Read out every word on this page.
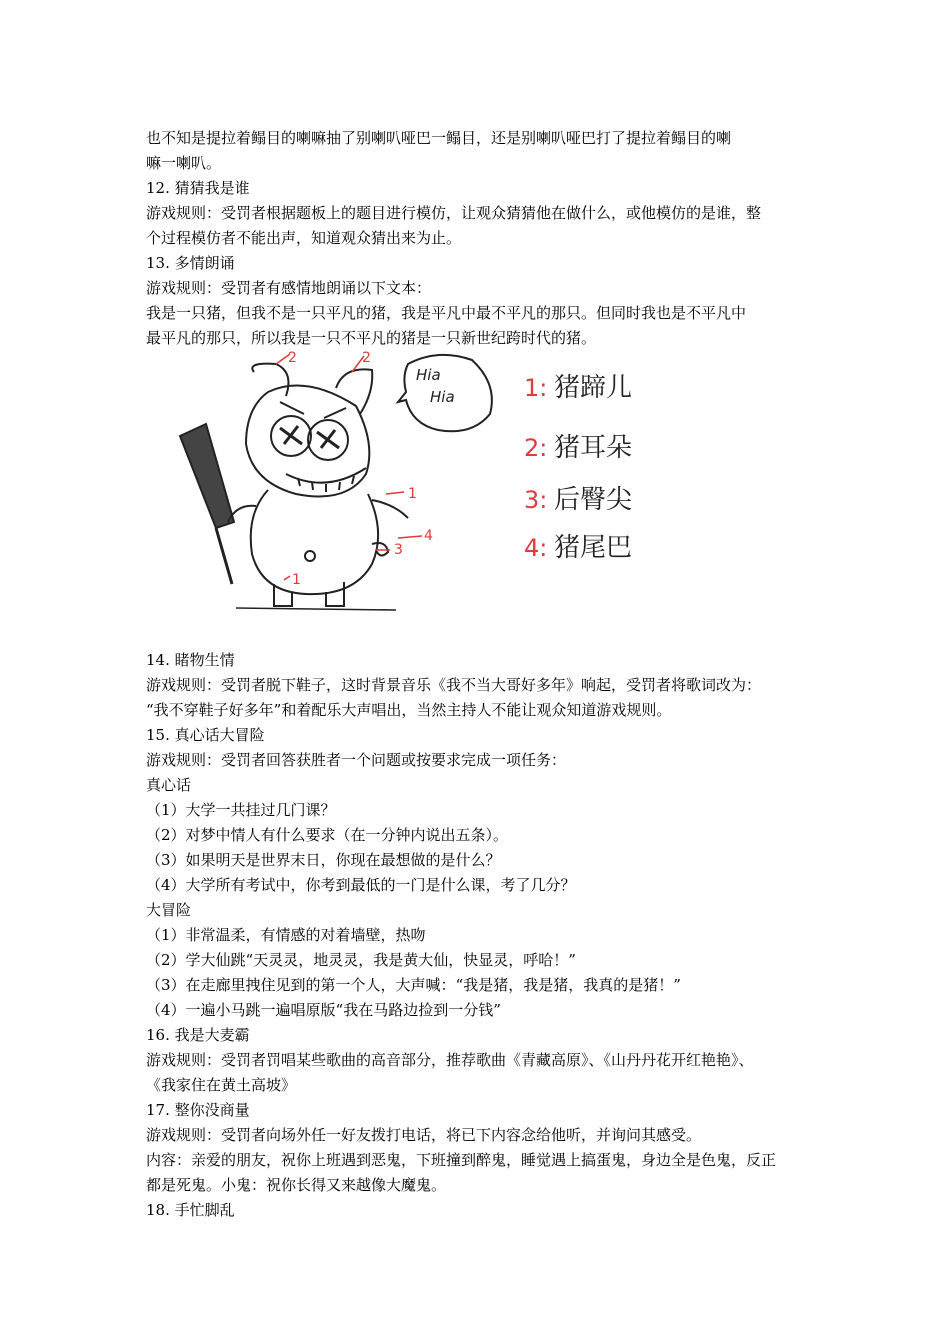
也不知是提拉着鳎目的喇嘛抽了别喇叭哑巴一鳎目，还是别喇叭哑巴打了提拉着鳎目的喇
嘛一喇叭。
12. 猜猜我是谁
游戏规则：受罚者根据题板上的题目进行模仿，让观众猜猜他在做什么，或他模仿的是谁，整
个过程模仿者不能出声，知道观众猜出来为止。
13. 多情朗诵
游戏规则：受罚者有感情地朗诵以下文本：
我是一只猪，但我不是一只平凡的猪，我是平凡中最不平凡的那只。但同时我也是不平凡中
最平凡的那只，所以我是一只不平凡的猪是一只新世纪跨时代的猪。
14. 睹物生情
游戏规则：受罚者脱下鞋子，这时背景音乐《我不当大哥好多年》响起，受罚者将歌词改为：
“我不穿鞋子好多年”和着配乐大声唱出，当然主持人不能让观众知道游戏规则。
15. 真心话大冒险
游戏规则：受罚者回答获胜者一个问题或按要求完成一项任务：
真心话
（1）大学一共挂过几门课？
（2）对梦中情人有什么要求（在一分钟内说出五条）。
（3）如果明天是世界末日，你现在最想做的是什么？
（4）大学所有考试中，你考到最低的一门是什么课，考了几分？
大冒险
（1）非常温柔，有情感的对着墙壁，热吻
（2）学大仙跳“天灵灵，地灵灵，我是黄大仙，快显灵，呼哈！”
（3）在走廊里拽住见到的第一个人，大声喊：“我是猪，我是猪，我真的是猪！”
（4）一遍小马跳一遍唱原版“我在马路边捡到一分钱”
16. 我是大麦霸
游戏规则：受罚者罚唱某些歌曲的高音部分，推荐歌曲《青藏高原》、《山丹丹花开红艳艳》、
《我家住在黄土高坡》
17. 整你没商量
游戏规则：受罚者向场外任一好友拨打电话，将已下内容念给他听，并询问其感受。
内容：亲爱的朋友，祝你上班遇到恶鬼，下班撞到醉鬼，睡觉遇上搞蛋鬼，身边全是色鬼，反正
都是死鬼。小鬼：祝你长得又来越像大魔鬼。
18. 手忙脚乱
2	2
1
1
3
4
Hia
Hia	1: 猪蹄儿
2: 猪耳朵
3: 后臀尖
4: 猪尾巴
